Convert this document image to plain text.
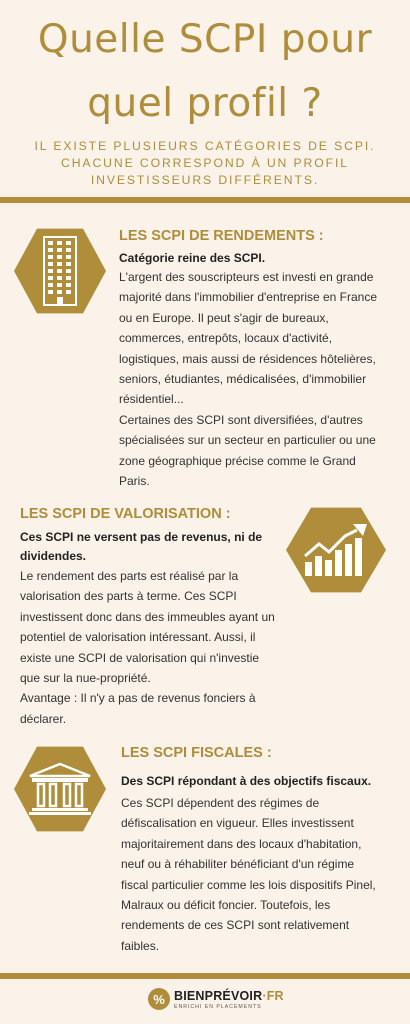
Quelle SCPI pour
quel profil ?
IL EXISTE PLUSIEURS CATÉGORIES DE SCPI.
CHACUNE CORRESPOND À UN PROFIL
INVESTISSEURS DIFFÉRENTS.
LES SCPI DE RENDEMENTS :
Catégorie reine des SCPI.
L'argent des souscripteurs est investi en grande
majorité dans l'immobilier d'entreprise en France
ou en Europe. Il peut s'agir de bureaux,
commerces, entrepôts, locaux d'activité,
logistiques, mais aussi de résidences hôtelières,
seniors, étudiantes, médicalisées, d'immobilier
résidentiel...
Certaines des SCPI sont diversifiées, d'autres
spécialisées sur un secteur en particulier ou une
zone géographique précise comme le Grand
Paris.
LES SCPI DE VALORISATION :
Ces SCPI ne versent pas de revenus, ni de
dividendes.
Le rendement des parts est réalisé par la
valorisation des parts à terme. Ces SCPI
investissent donc dans des immeubles ayant un
potentiel de valorisation intéressant. Aussi, il
existe une SCPI de valorisation qui n'investie
que sur la nue-propriété.
Avantage : Il n'y a pas de revenus fonciers à
déclarer.
LES SCPI FISCALES :
Des SCPI répondant à des objectifs fiscaux.
Ces SCPI dépendent des régimes de
défiscalisation en vigueur. Elles investissent
majoritairement dans des locaux d'habitation,
neuf ou à réhabiliter bénéficiant d'un régime
fiscal particulier comme les lois dispositifs Pinel,
Malraux ou déficit foncier. Toutefois, les
rendements de ces SCPI sont relativement
faibles.
% BIENPRÉVOIR·FR
ENRICHI EN PLACEMENTS
